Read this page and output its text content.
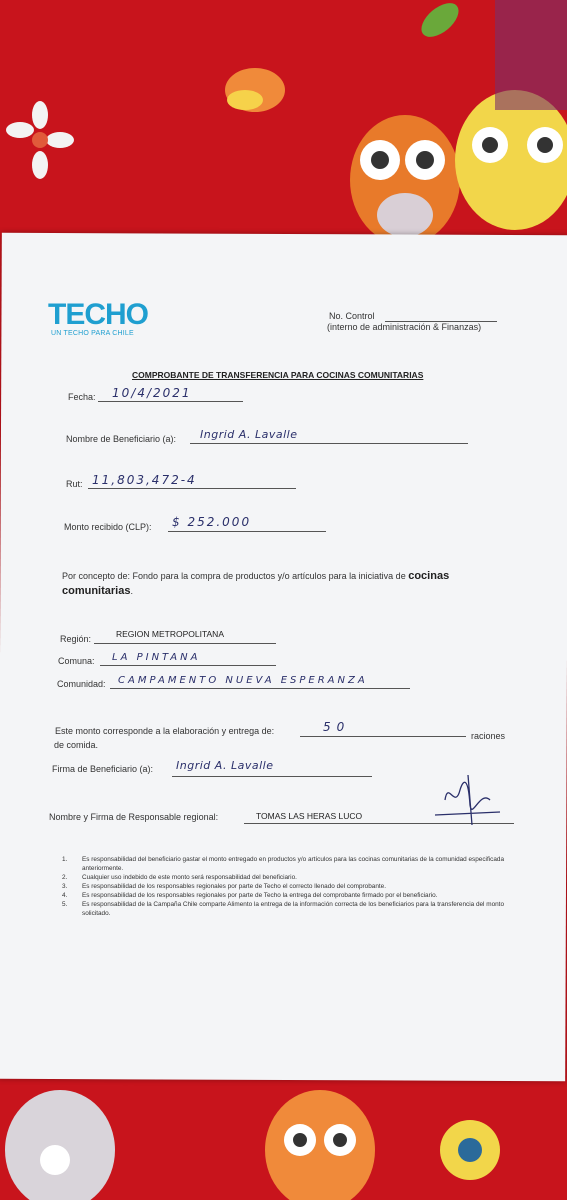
TECHO
UN TECHO PARA CHILE
No. Control
(interno de administración & Finanzas)
COMPROBANTE DE TRANSFERENCIA PARA COCINAS COMUNITARIAS
Fecha: 10/4/2021
Nombre de Beneficiario (a): Ingrid A. Lavalle
Rut: 11,803,472-4
Monto recibido (CLP): $ 252.000
Por concepto de: Fondo para la compra de productos y/o artículos para la iniciativa de cocinas
comunitarias.
Región:	REGION METROPOLITANA
Comuna: LA PINTANA
Comunidad: CAMPAMENTO NUEVA ESPERANZA
Este monto corresponde a la elaboración y entrega de:	50
raciones
de comida.
Firma de Beneficiario (a): Ingrid A. Lavalle
Nombre y Firma de Responsable regional:	TOMAS LAS HERAS LUCO
1.	Es responsabilidad del beneficiario gastar el monto entregado en productos y/o artículos para las cocinas comunitarias de la comunidad especificada anteriormente.
2.	Cualquier uso indebido de este monto será responsabilidad del beneficiario.
3.	Es responsabilidad de los responsables regionales por parte de Techo el correcto llenado del comprobante.
4.	Es responsabilidad de los responsables regionales por parte de Techo la entrega del comprobante firmado por el beneficiario.
5.	Es responsabilidad de la Campaña Chile comparte Alimento la entrega de la información correcta de los beneficiarios para la transferencia del monto solicitado.
